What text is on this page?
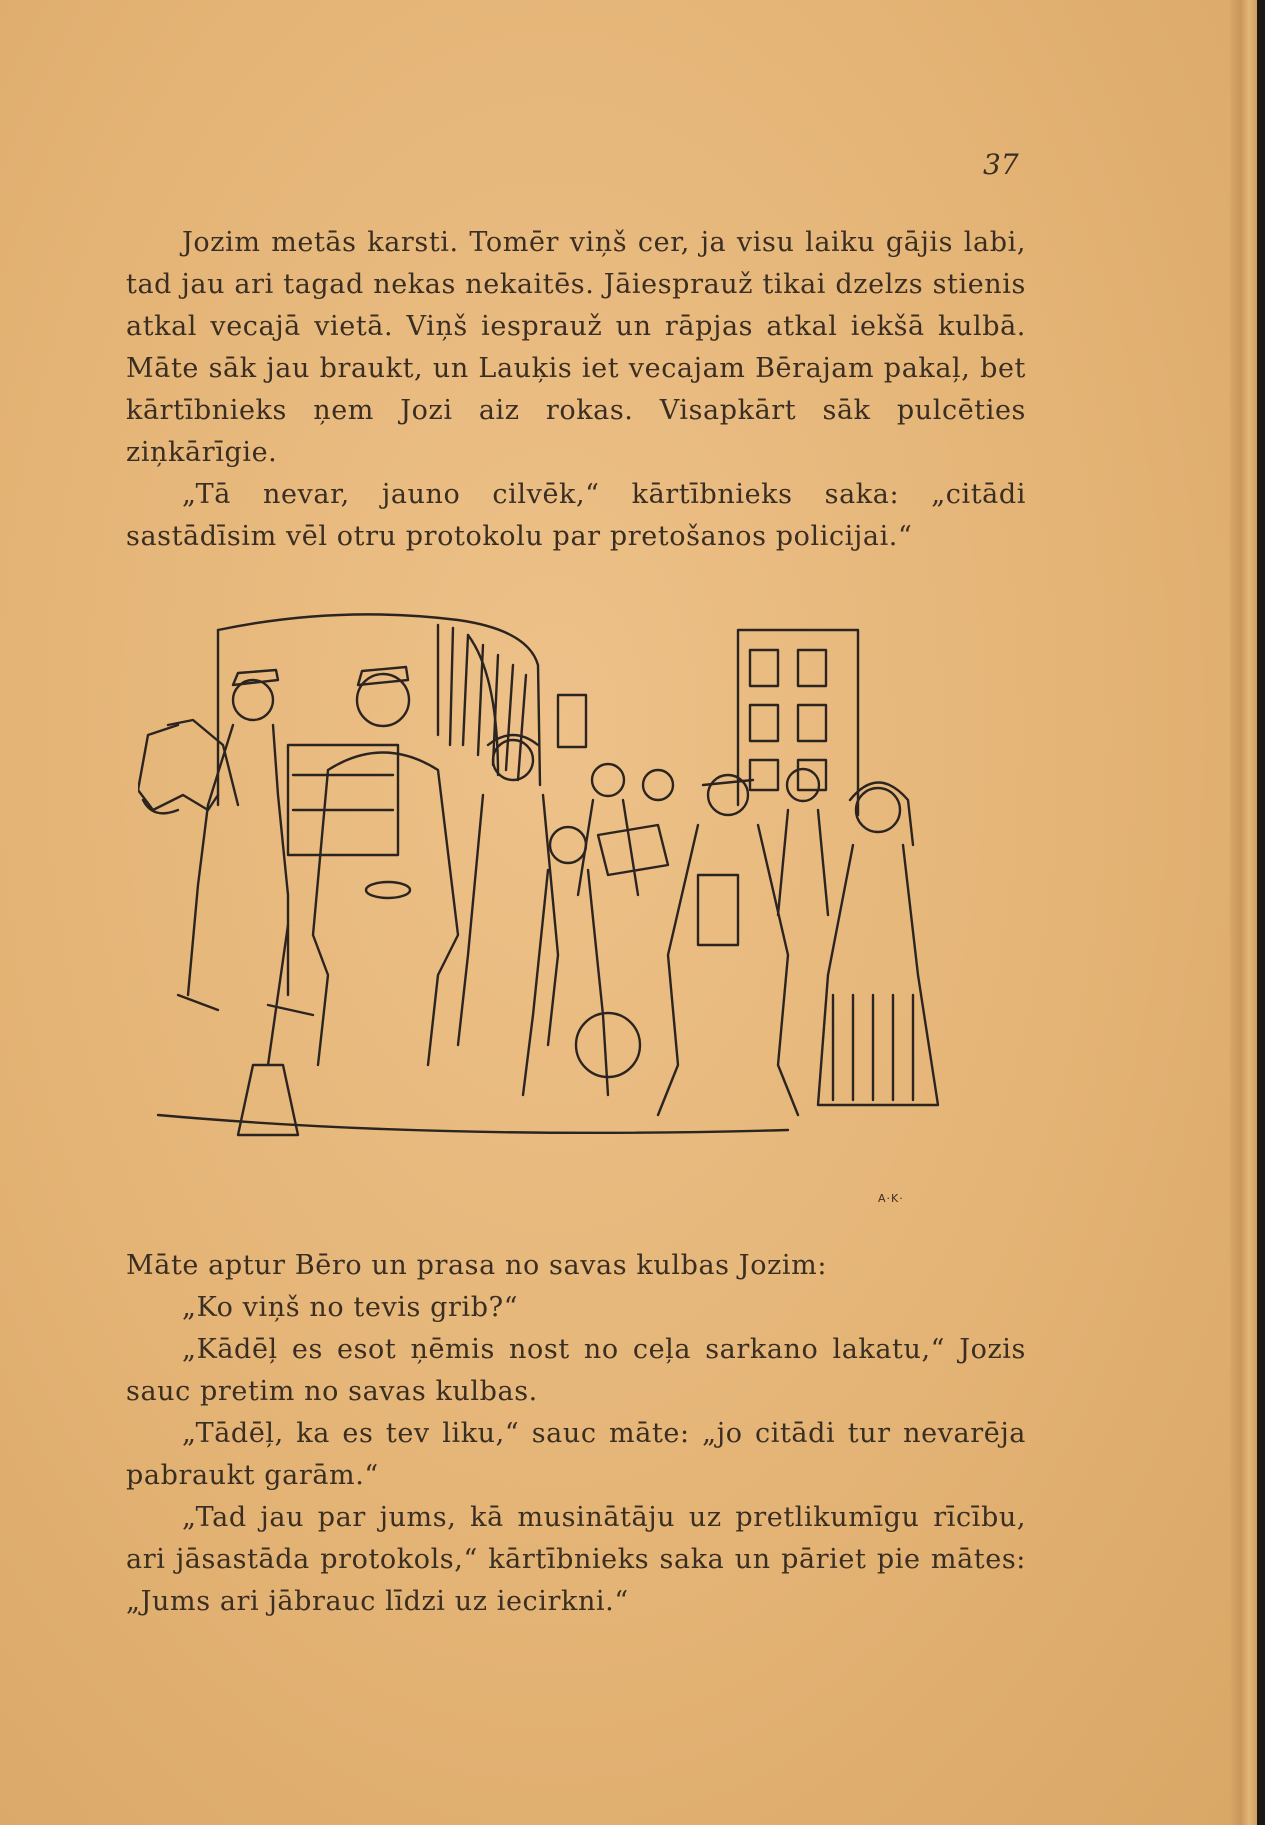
37

Jozim metās karsti. Tomēr viņš cer, ja visu laiku gājis labi, tad jau ari tagad nekas nekaitēs. Jāiesprauž tikai dzelzs stienis atkal vecajā vietā. Viņš iesprauž un rāpjas atkal iekšā kulbā. Māte sāk jau braukt, un Lauķis iet vecajam Bērajam pakaļ, bet kārtībnieks ņem Jozi aiz rokas. Visapkārt sāk pulcēties ziņkārīgie.

„Tā nevar, jauno cilvēk,“ kārtībnieks saka: „citādi sastādīsim vēl otru protokolu par pretošanos policijai.“

A·K·

Māte aptur Bēro un prasa no savas kulbas Jozim:

„Ko viņš no tevis grib?“

„Kādēļ es esot ņēmis nost no ceļa sarkano lakatu,“ Jozis sauc pretim no savas kulbas.

„Tādēļ, ka es tev liku,“ sauc māte: „jo citādi tur nevarēja pabraukt garām.“

„Tad jau par jums, kā musinātāju uz pretlikumīgu rīcību, ari jāsastāda protokols,“ kārtībnieks saka un pāriet pie mātes: „Jums ari jābrauc līdzi uz iecirkni.“
